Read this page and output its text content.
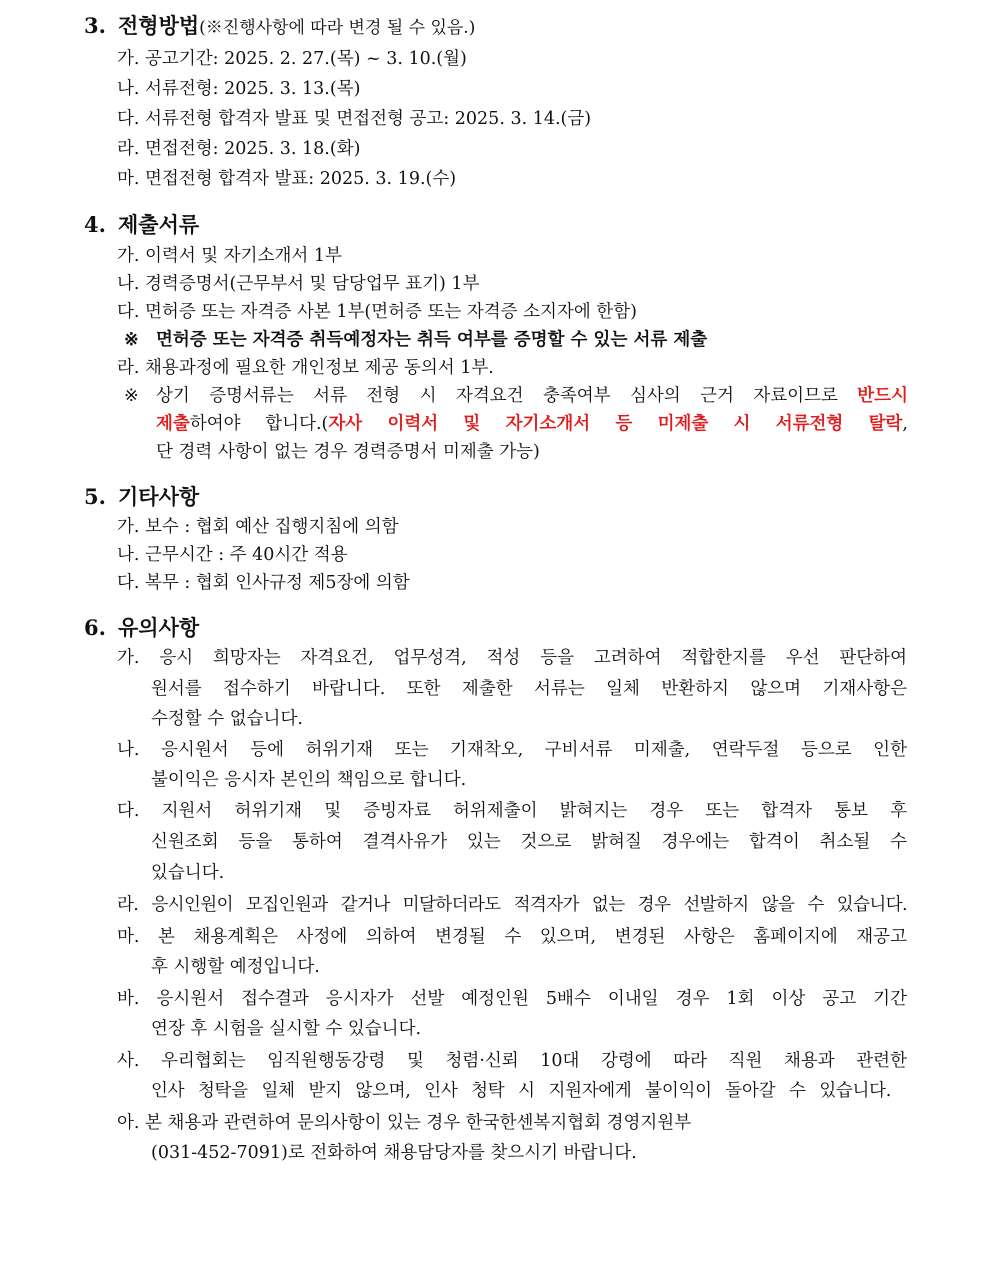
3. 전형방법(※진행사항에 따라 변경 될 수 있음.)
가. 공고기간: 2025. 2. 27.(목) ~ 3. 10.(월)
나. 서류전형: 2025. 3. 13.(목)
다. 서류전형 합격자 발표 및 면접전형 공고: 2025. 3. 14.(금)
라. 면접전형: 2025. 3. 18.(화)
마. 면접전형 합격자 발표: 2025. 3. 19.(수)
4. 제출서류
가. 이력서 및 자기소개서 1부
나. 경력증명서(근무부서 및 담당업무 표기) 1부
다. 면허증 또는 자격증 사본 1부(면허증 또는 자격증 소지자에 한함)
※ 면허증 또는 자격증 취득예정자는 취득 여부를 증명할 수 있는 서류 제출
라. 채용과정에 필요한 개인정보 제공 동의서 1부.
※ 상기 증명서류는 서류 전형 시 자격요건 충족여부 심사의 근거 자료이므로 반드시
제출하여야 합니다.(자사 이력서 및 자기소개서 등 미제출 시 서류전형 탈락,
단 경력 사항이 없는 경우 경력증명서 미제출 가능)
5. 기타사항
가. 보수 : 협회 예산 집행지침에 의함
나. 근무시간 : 주 40시간 적용
다. 복무 : 협회 인사규정 제5장에 의함
6. 유의사항
가. 응시 희망자는 자격요건, 업무성격, 적성 등을 고려하여 적합한지를 우선 판단하여
원서를 접수하기 바랍니다. 또한 제출한 서류는 일체 반환하지 않으며 기재사항은
수정할 수 없습니다.
나. 응시원서 등에 허위기재 또는 기재착오, 구비서류 미제출, 연락두절 등으로 인한
불이익은 응시자 본인의 책임으로 합니다.
다. 지원서 허위기재 및 증빙자료 허위제출이 밝혀지는 경우 또는 합격자 통보 후
신원조회 등을 통하여 결격사유가 있는 것으로 밝혀질 경우에는 합격이 취소될 수
있습니다.
라. 응시인원이 모집인원과 같거나 미달하더라도 적격자가 없는 경우 선발하지 않을 수 있습니다.
마. 본 채용계획은 사정에 의하여 변경될 수 있으며, 변경된 사항은 홈페이지에 재공고
후 시행할 예정입니다.
바. 응시원서 접수결과 응시자가 선발 예정인원 5배수 이내일 경우 1회 이상 공고 기간
연장 후 시험을 실시할 수 있습니다.
사. 우리협회는 임직원행동강령 및 청렴·신뢰 10대 강령에 따라 직원 채용과 관련한
인사 청탁을 일체 받지 않으며, 인사 청탁 시 지원자에게 불이익이 돌아갈 수 있습니다.
아. 본 채용과 관련하여 문의사항이 있는 경우 한국한센복지협회 경영지원부
(031-452-7091)로 전화하여 채용담당자를 찾으시기 바랍니다.
